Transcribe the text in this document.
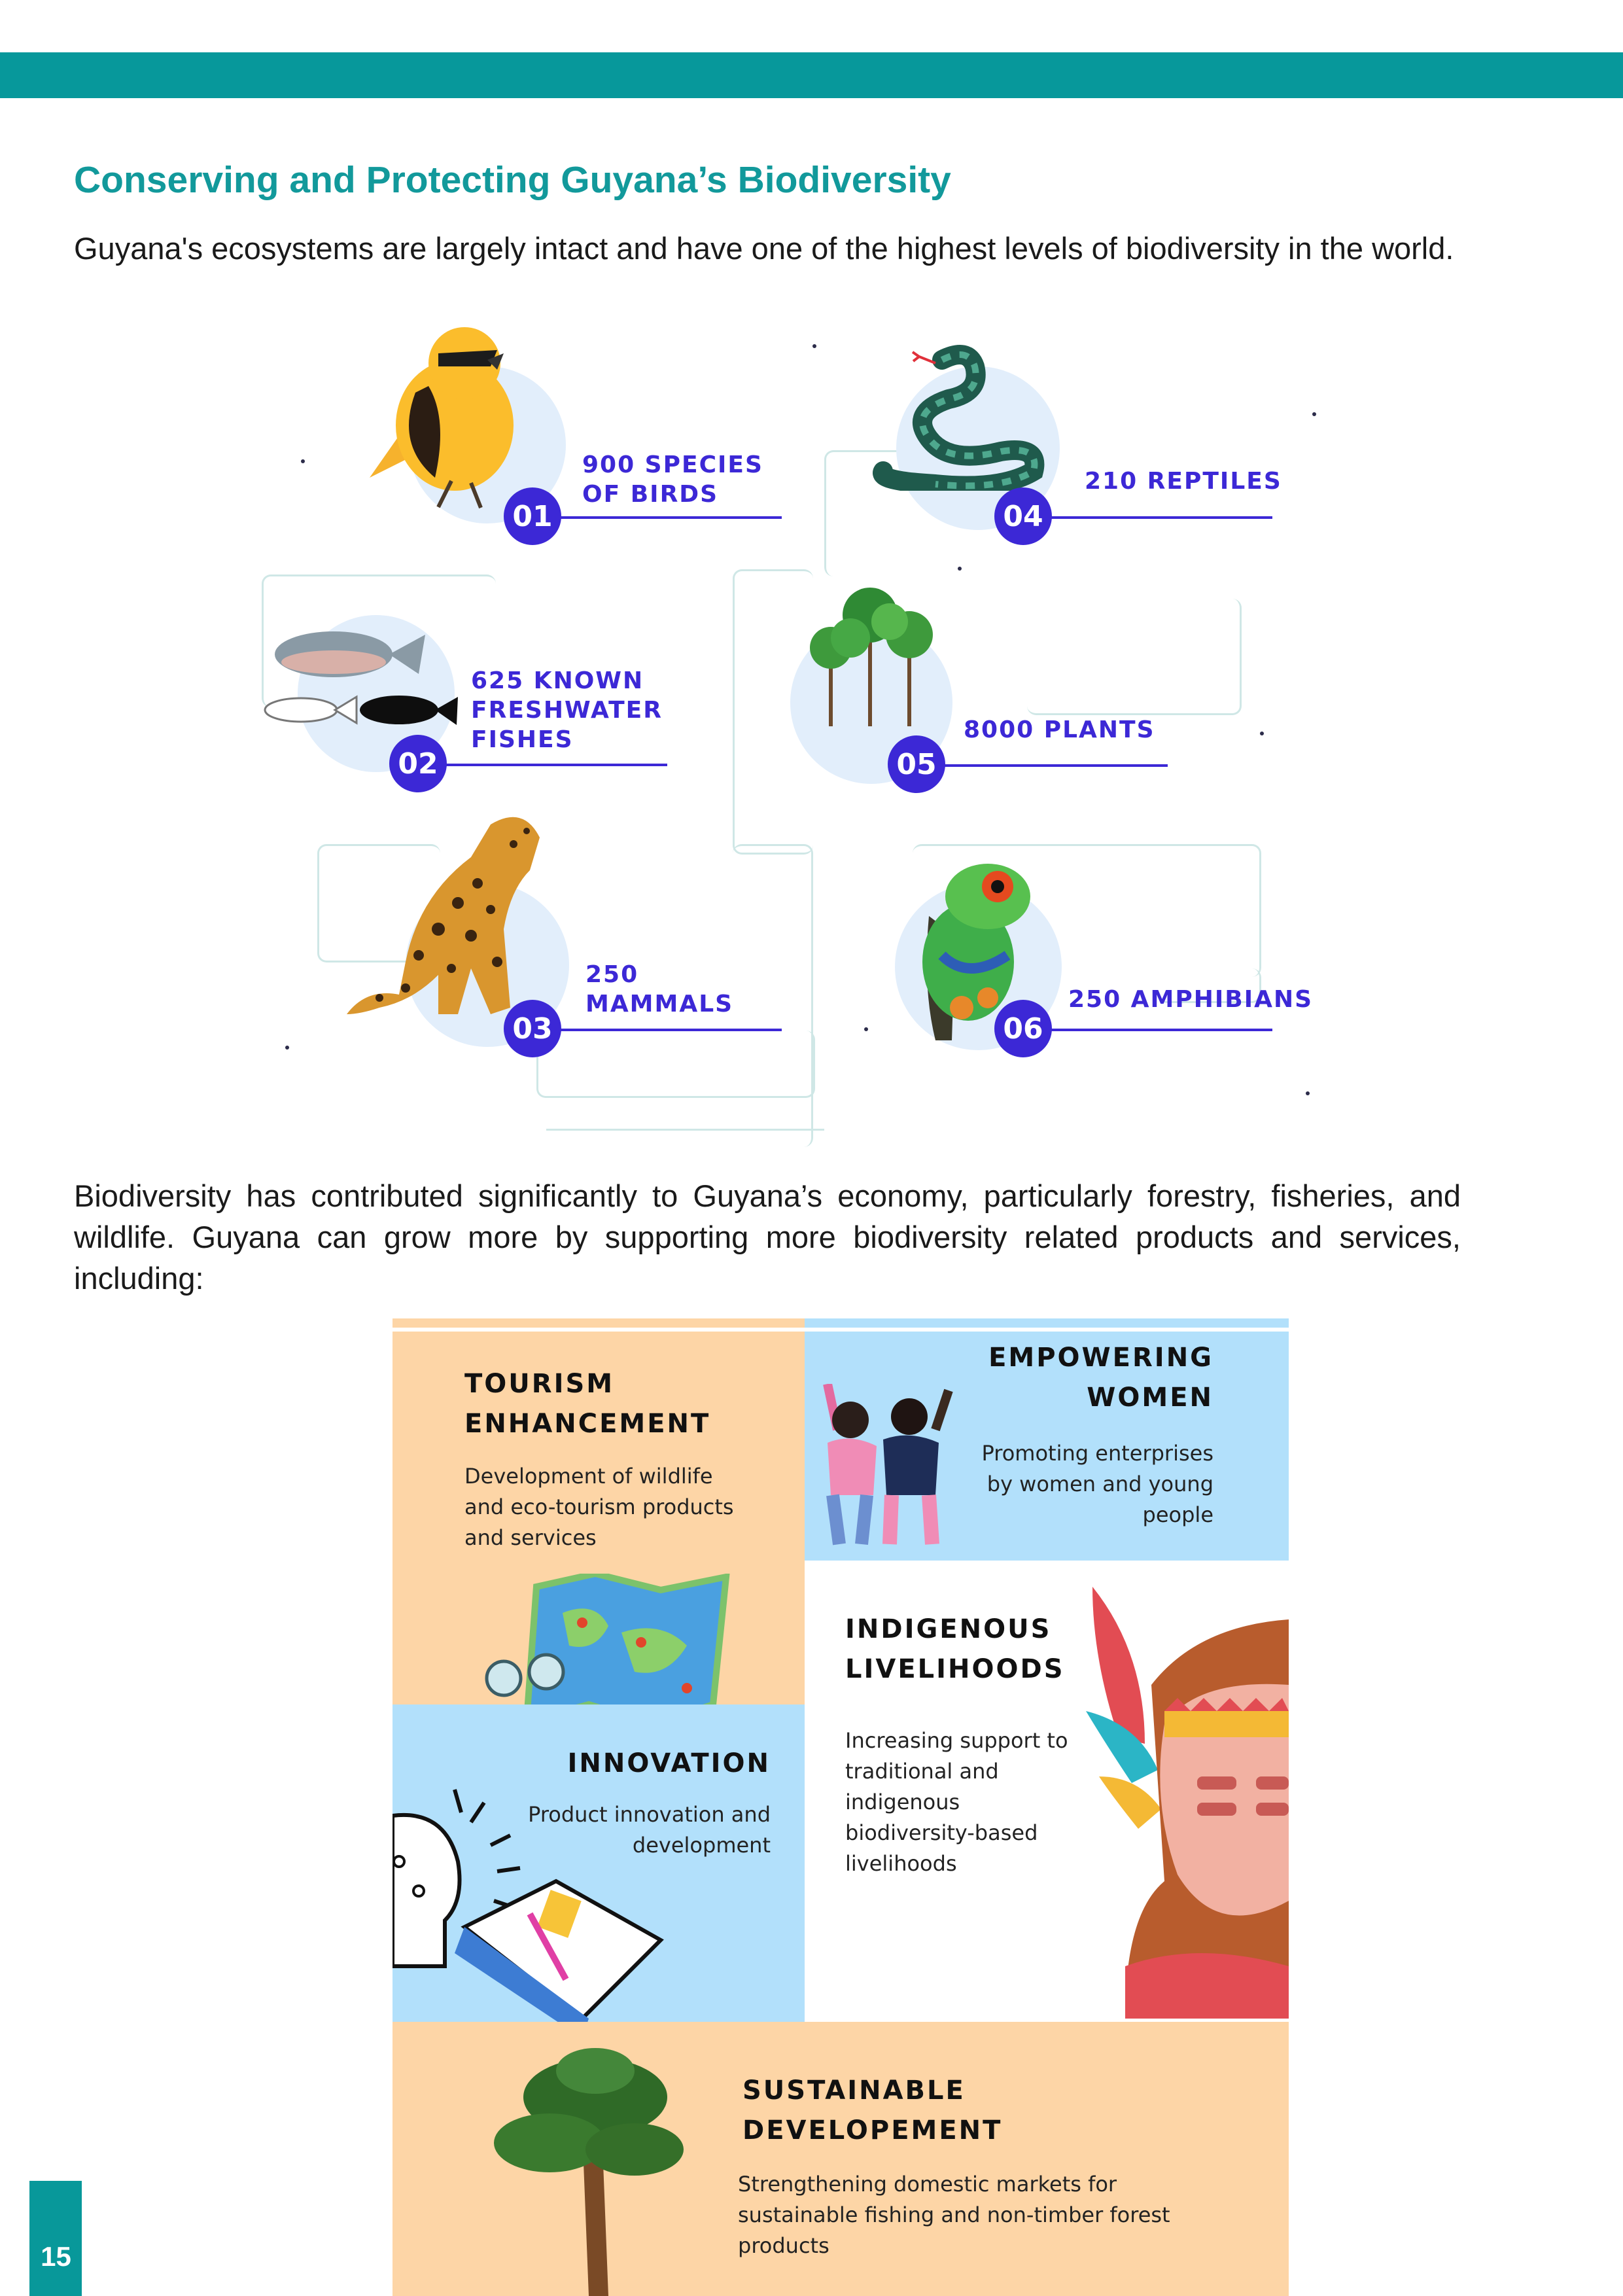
Conserving and Protecting Guyana’s Biodiversity
Guyana's ecosystems are largely intact and have one of the highest levels of biodiversity in the world.
01
900 SPECIES
OF BIRDS
02
625 KNOWN
FRESHWATER
FISHES
03
250
MAMMALS
04
210 REPTILES
05
8000 PLANTS
06
250 AMPHIBIANS
Biodiversity has contributed significantly to Guyana’s economy, particularly forestry, fisheries, and wildlife. Guyana can grow more by supporting more biodiversity related products and services, including:
TOURISM
ENHANCEMENT
Development of wildlife
and eco-tourism products
and services
EMPOWERING
WOMEN
Promoting enterprises
by women and young
people
INDIGENOUS
LIVELIHOODS
Increasing support to
traditional and
indigenous
biodiversity-based
livelihoods
INNOVATION
Product innovation and
development
SUSTAINABLE
DEVELOPEMENT
Strengthening domestic markets for
sustainable fishing and non-timber forest
products
15
